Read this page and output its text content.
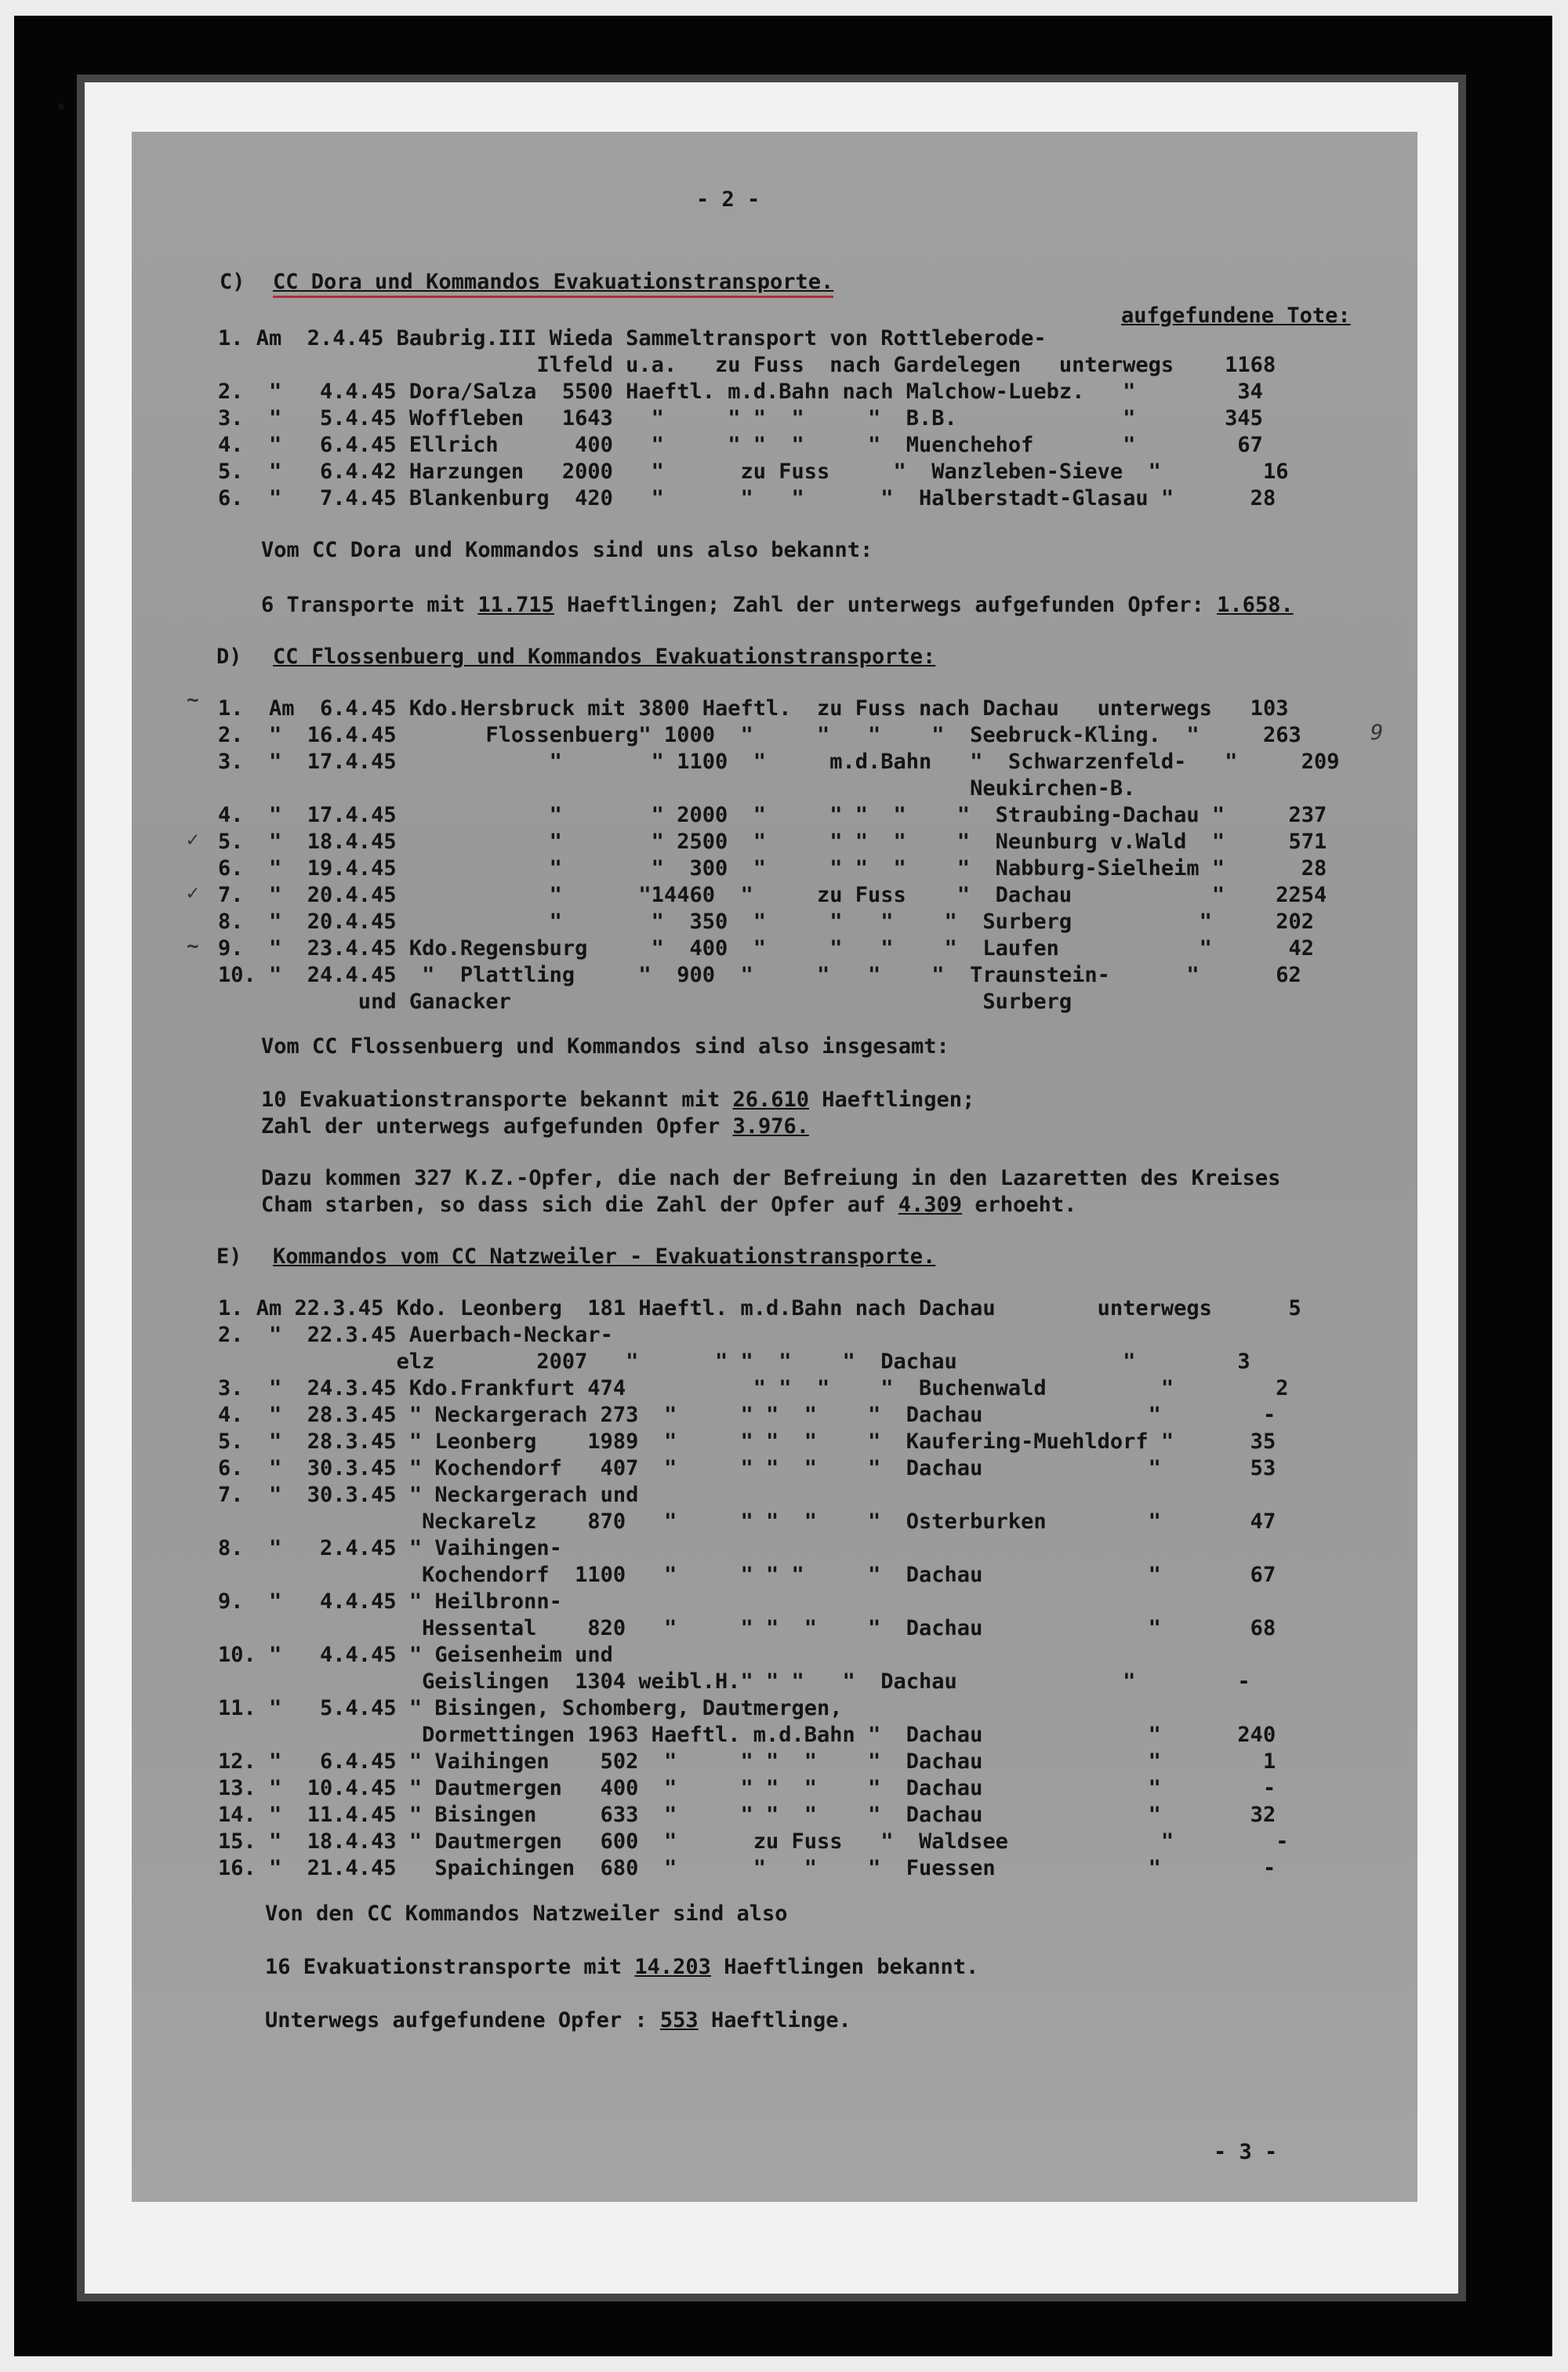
- 2 -
C) CC Dora und Kommandos Evakuationstransporte.
aufgefundene Tote:
1. Am  2.4.45 Baubrig.III Wieda Sammeltransport von Rottleberode-
Ilfeld u.a.   zu Fuss  nach Gardelegen   unterwegs    1168
2.  "   4.4.45 Dora/Salza  5500 Haeftl. m.d.Bahn nach Malchow-Luebz.   "        34
3.  "   5.4.45 Woffleben   1643   "     " "  "     "  B.B.             "       345
4.  "   6.4.45 Ellrich      400   "     " "  "     "  Muenchehof       "        67
5.  "   6.4.42 Harzungen   2000   "      zu Fuss     "  Wanzleben-Sieve  "        16
6.  "   7.4.45 Blankenburg  420   "      "   "      "  Halberstadt-Glasau "      28
Vom CC Dora und Kommandos sind uns also bekannt:
6 Transporte mit 11.715 Haeftlingen; Zahl der unterwegs aufgefunden Opfer: 1.658.
D) CC Flossenbuerg und Kommandos Evakuationstransporte:
1.  Am  6.4.45 Kdo.Hersbruck mit 3800 Haeftl.  zu Fuss nach Dachau   unterwegs   103
2.  "  16.4.45       Flossenbuerg" 1000  "     "   "    "  Seebruck-Kling.  "     263
3.  "  17.4.45            "       " 1100  "     m.d.Bahn   "  Schwarzenfeld-   "     209
Neukirchen-B.
4.  "  17.4.45            "       " 2000  "     " "  "    "  Straubing-Dachau "     237
5.  "  18.4.45            "       " 2500  "     " "  "    "  Neunburg v.Wald  "     571
6.  "  19.4.45            "       "  300  "     " "  "    "  Nabburg-Sielheim "      28
7.  "  20.4.45            "      "14460  "     zu Fuss    "  Dachau           "    2254
8.  "  20.4.45            "       "  350  "     "   "    "  Surberg          "     202
9.  "  23.4.45 Kdo.Regensburg     "  400  "     "   "    "  Laufen           "      42
10. "  24.4.45  "  Plattling     "  900  "     "   "    "  Traunstein-      "      62
und Ganacker                                     Surberg
9
~
✓
✓
~
Vom CC Flossenbuerg und Kommandos sind also insgesamt:
10 Evakuationstransporte bekannt mit 26.610 Haeftlingen;
Zahl der unterwegs aufgefunden Opfer 3.976.
Dazu kommen 327 K.Z.-Opfer, die nach der Befreiung in den Lazaretten des Kreises
Cham starben, so dass sich die Zahl der Opfer auf 4.309 erhoeht.
E) Kommandos vom CC Natzweiler - Evakuationstransporte.
1. Am 22.3.45 Kdo. Leonberg  181 Haeftl. m.d.Bahn nach Dachau        unterwegs      5
2.  "  22.3.45 Auerbach-Neckar-
elz        2007   "      " "  "    "  Dachau             "        3
3.  "  24.3.45 Kdo.Frankfurt 474          " "  "    "  Buchenwald         "        2
4.  "  28.3.45 " Neckargerach 273  "     " "  "    "  Dachau             "        -
5.  "  28.3.45 " Leonberg    1989  "     " "  "    "  Kaufering-Muehldorf "      35
6.  "  30.3.45 " Kochendorf   407  "     " "  "    "  Dachau             "       53
7.  "  30.3.45 " Neckargerach und
Neckarelz    870   "     " "  "    "  Osterburken        "       47
8.  "   2.4.45 " Vaihingen-
Kochendorf  1100   "     " " "     "  Dachau             "       67
9.  "   4.4.45 " Heilbronn-
Hessental    820   "     " "  "    "  Dachau             "       68
10. "   4.4.45 " Geisenheim und
Geislingen  1304 weibl.H." " "   "  Dachau             "        -
11. "   5.4.45 " Bisingen, Schomberg, Dautmergen,
Dormettingen 1963 Haeftl. m.d.Bahn "  Dachau             "      240
12. "   6.4.45 " Vaihingen    502  "     " "  "    "  Dachau             "        1
13. "  10.4.45 " Dautmergen   400  "     " "  "    "  Dachau             "        -
14. "  11.4.45 " Bisingen     633  "     " "  "    "  Dachau             "       32
15. "  18.4.43 " Dautmergen   600  "      zu Fuss   "  Waldsee            "        -
16. "  21.4.45   Spaichingen  680  "      "   "    "  Fuessen            "        -
Von den CC Kommandos Natzweiler sind also
16 Evakuationstransporte mit 14.203 Haeftlingen bekannt.
Unterwegs aufgefundene Opfer : 553 Haeftlinge.
- 3 -
